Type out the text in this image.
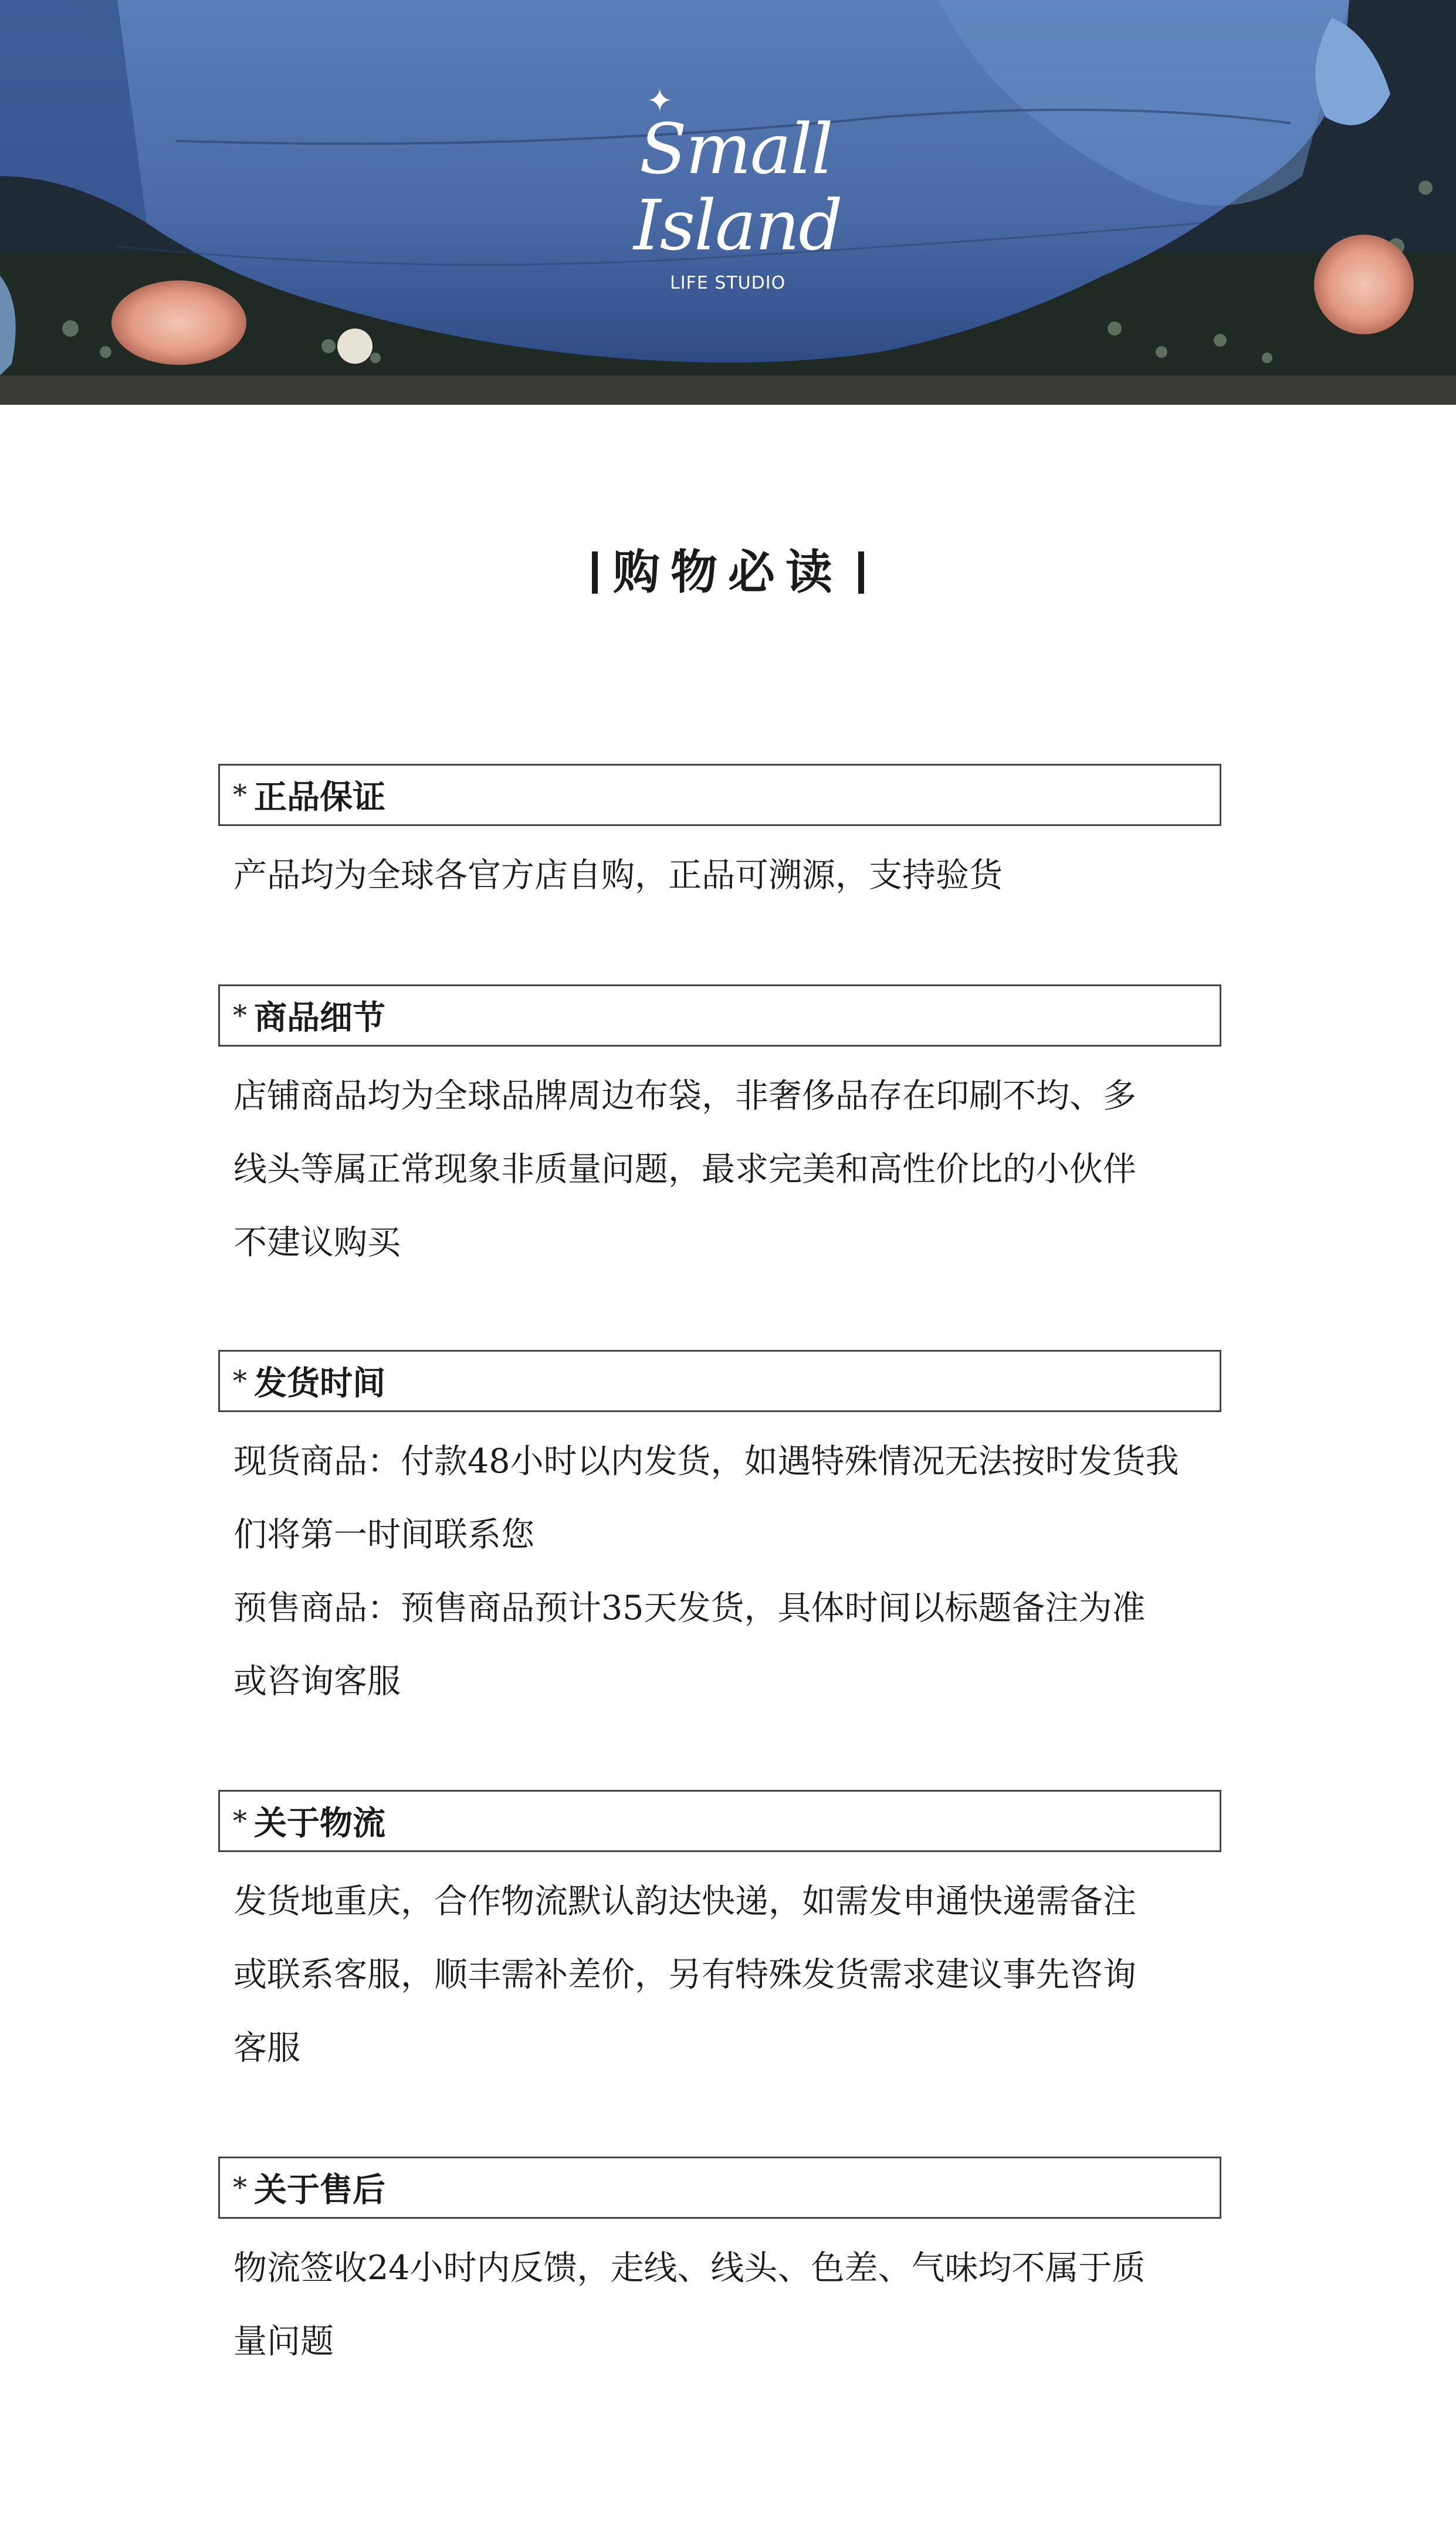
✦
Small
Island
LIFE STUDIO
购物必读
* 正品保证
产品均为全球各官方店自购，正品可溯源，支持验货
* 商品细节
店铺商品均为全球品牌周边布袋，非奢侈品存在印刷不均、多
线头等属正常现象非质量问题，最求完美和高性价比的小伙伴
不建议购买
* 发货时间
现货商品：付款48小时以内发货，如遇特殊情况无法按时发货我
们将第一时间联系您
预售商品：预售商品预计35天发货，具体时间以标题备注为准
或咨询客服
* 关于物流
发货地重庆，合作物流默认韵达快递，如需发申通快递需备注
或联系客服，顺丰需补差价，另有特殊发货需求建议事先咨询
客服
* 关于售后
物流签收24小时内反馈，走线、线头、色差、气味均不属于质
量问题
